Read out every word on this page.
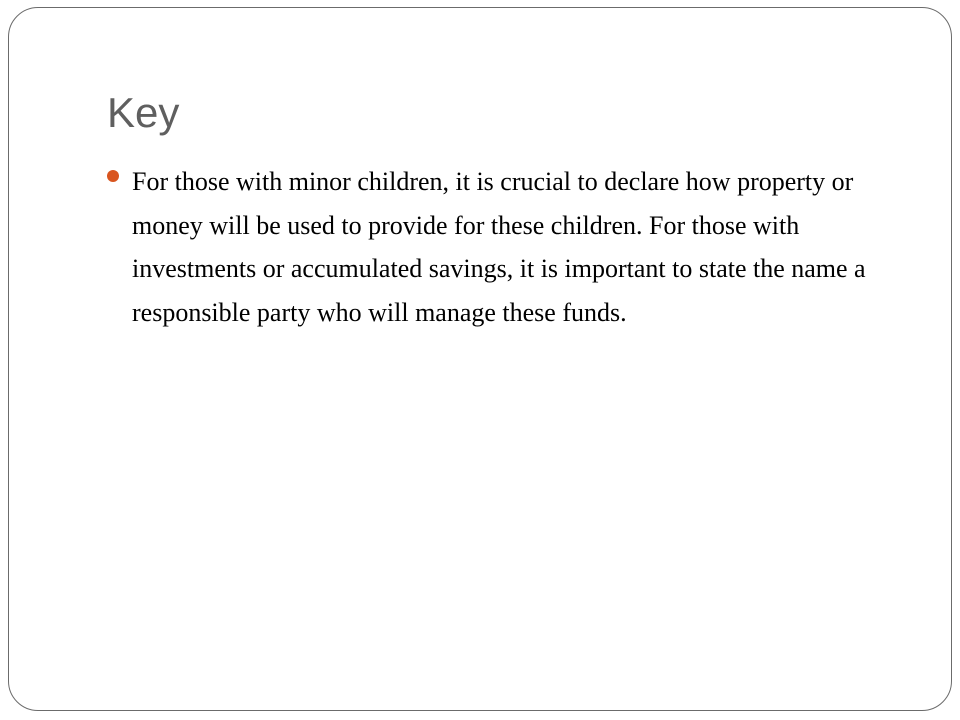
Key
For those with minor children, it is crucial to declare how property or money will be used to provide for these children. For those with investments or accumulated savings, it is important to state the name a responsible party who will manage these funds.
